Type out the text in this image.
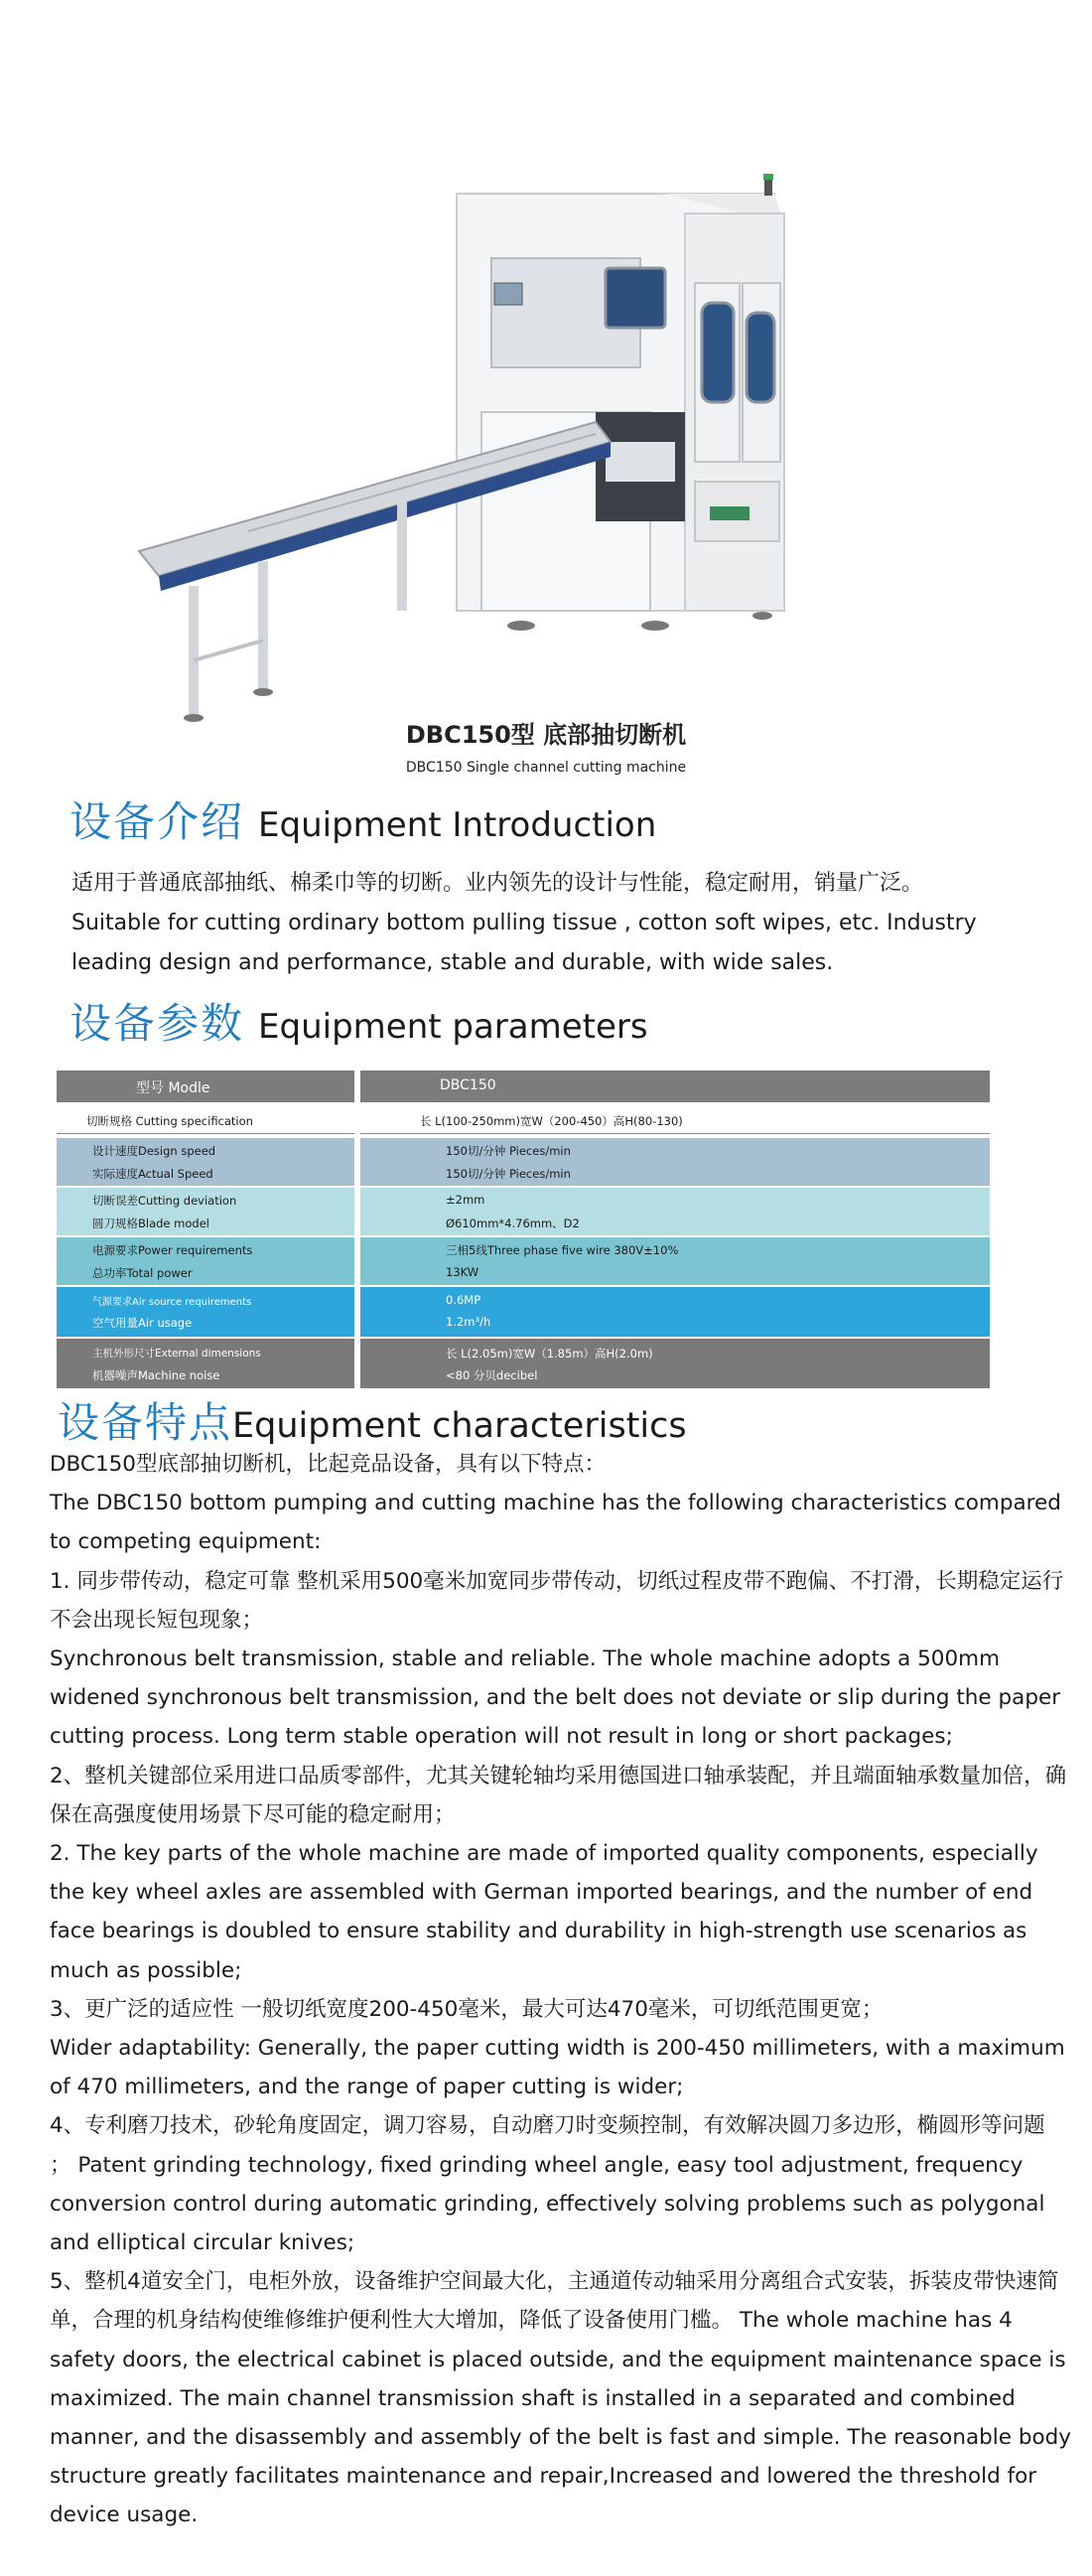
DBC150型 底部抽切断机
DBC150 Single channel cutting machine
设备介绍 Equipment Introduction
适用于普通底部抽纸、棉柔巾等的切断。业内领先的设计与性能，稳定耐用，销量广泛。
Suitable for cutting ordinary bottom pulling tissue , cotton soft wipes, etc. Industry
leading design and performance, stable and durable, with wide sales.
设备参数 Equipment parameters
型号 Modle	DBC150
切断规格 Cutting specification	长 L(100-250mm)宽W（200-450）高H(80-130)
设计速度Design speed
实际速度Actual Speed
150切/分钟 Pieces/min
150切/分钟 Pieces/min
切断误差Cutting deviation
圆刀规格Blade model
±2mm
Ø610mm*4.76mm、D2
电源要求Power requirements
总功率Total power
三相5线Three phase five wire 380V±10%
13KW
气源要求Air source requirements
空气用量Air usage
0.6MP
1.2m³/h
主机外形尺寸External dimensions
机器噪声Machine noise
长 L(2.05m)宽W（1.85m）高H(2.0m)
<80 分贝decibel
设备特点Equipment characteristics

DBC150型底部抽切断机，比起竞品设备，具有以下特点：

The DBC150 bottom pumping and cutting machine has the following characteristics compared to competing equipment:

1. 同步带传动，稳定可靠 整机采用500毫米加宽同步带传动，切纸过程皮带不跑偏、不打滑，长期稳定运行不会出现长短包现象；

Synchronous belt transmission, stable and reliable. The whole machine adopts a 500mm widened synchronous belt transmission, and the belt does not deviate or slip during the paper cutting process. Long term stable operation will not result in long or short packages;

2、整机关键部位采用进口品质零部件，尤其关键轮轴均采用德国进口轴承装配，并且端面轴承数量加倍，确保在高强度使用场景下尽可能的稳定耐用；

2. The key parts of the whole machine are made of imported quality components, especially the key wheel axles are assembled with German imported bearings, and the number of end face bearings is doubled to ensure stability and durability in high-strength use scenarios as much as possible;

3、更广泛的适应性 一般切纸宽度200-450毫米，最大可达470毫米，可切纸范围更宽；

Wider adaptability: Generally, the paper cutting width is 200-450 millimeters, with a maximum of 470 millimeters, and the range of paper cutting is wider;

4、专利磨刀技术，砂轮角度固定，调刀容易，自动磨刀时变频控制，有效解决圆刀多边形，椭圆形等问题 ； Patent grinding technology, fixed grinding wheel angle, easy tool adjustment, frequency conversion control during automatic grinding, effectively solving problems such as polygonal and elliptical circular knives;

5、整机4道安全门，电柜外放，设备维护空间最大化，主通道传动轴采用分离组合式安装，拆装皮带快速简单，合理的机身结构使维修维护便利性大大增加，降低了设备使用门槛。 The whole machine has 4 safety doors, the electrical cabinet is placed outside, and the equipment maintenance space is maximized. The main channel transmission shaft is installed in a separated and combined manner, and the disassembly and assembly of the belt is fast and simple. The reasonable body structure greatly facilitates maintenance and repair,Increased and lowered the threshold for device usage.
